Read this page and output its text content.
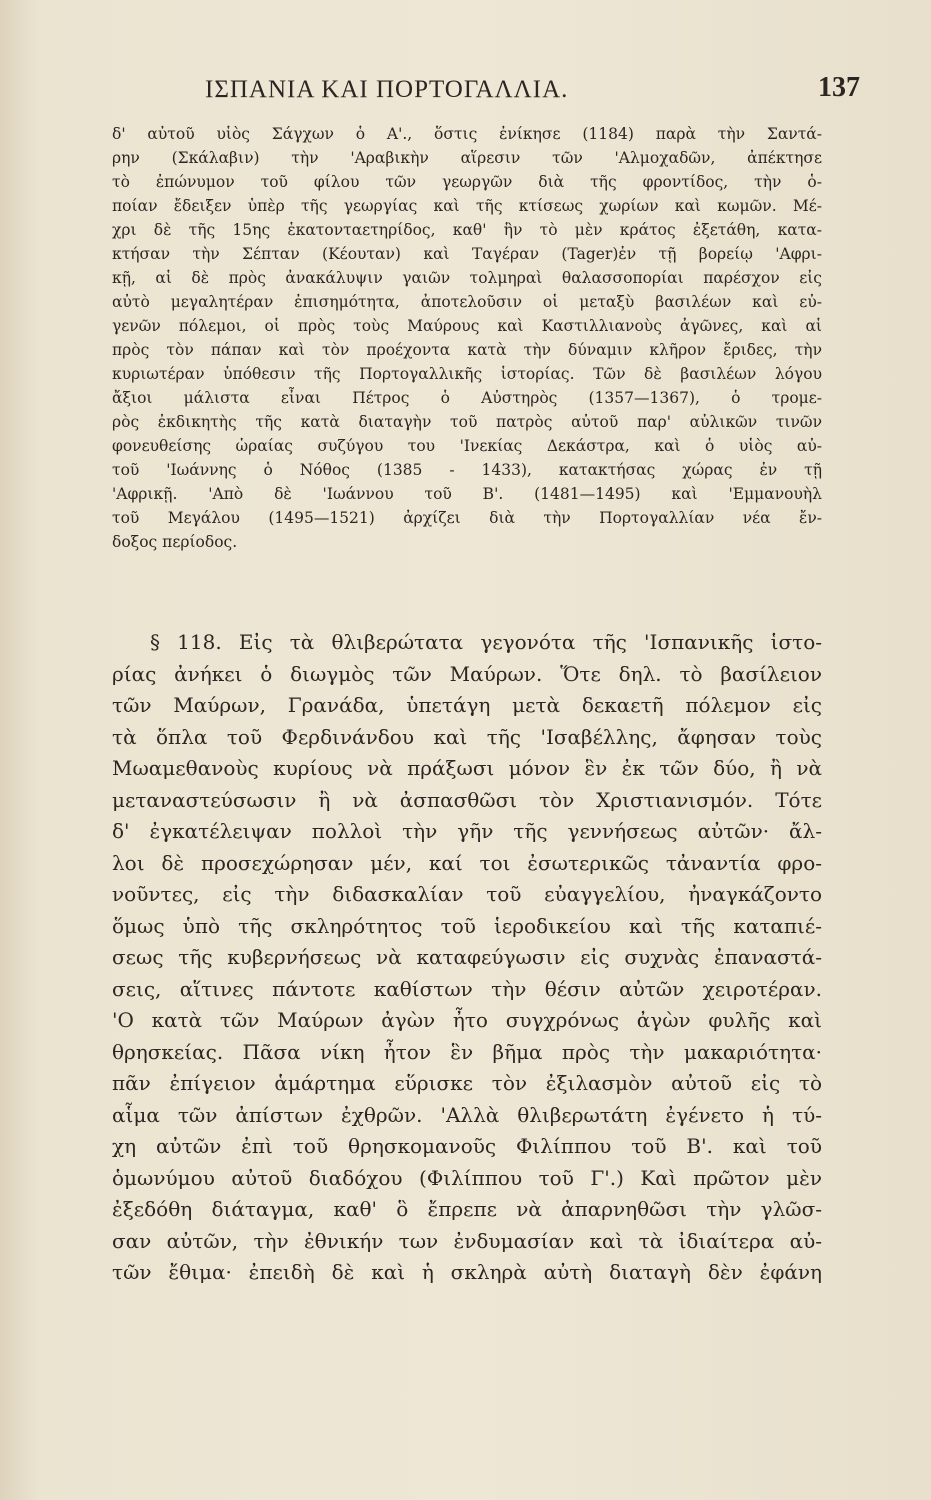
ΙΣΠΑΝΙΑ ΚΑΙ ΠΟΡΤΟΓΑΛΛΙΑ.	137
δ' αὐτοῦ υἱὸς Σάγχων ὁ Α'., ὅστις ἐνίκησε (1184) παρὰ τὴν Σαντά-
ρην (Σκάλαβιν) τὴν 'Αραβικὴν αἵρεσιν τῶν 'Αλμοχαδῶν, ἀπέκτησε
τὸ ἐπώνυμον τοῦ φίλου τῶν γεωργῶν διὰ τῆς φροντίδος, τὴν ὁ-
ποίαν ἔδειξεν ὑπὲρ τῆς γεωργίας καὶ τῆς κτίσεως χωρίων καὶ κωμῶν. Μέ-
χρι δὲ τῆς 15ης ἑκατονταετηρίδος, καθ' ἣν τὸ μὲν κράτος ἐξετάθη, κατα-
κτήσαν τὴν Σέπταν (Κέουταν) καὶ Ταγέραν (Tager)ἐν τῇ βορείῳ 'Αφρι-
κῇ, αἱ δὲ πρὸς ἀνακάλυψιν γαιῶν τολμηραὶ θαλασσοπορίαι παρέσχον εἰς
αὐτὸ μεγαλητέραν ἐπισημότητα, ἀποτελοῦσιν οἱ μεταξὺ βασιλέων καὶ εὐ-
γενῶν πόλεμοι, οἱ πρὸς τοὺς Μαύρους καὶ Καστιλλιανοὺς ἀγῶνες, καὶ αἱ
πρὸς τὸν πάπαν καὶ τὸν προέχοντα κατὰ τὴν δύναμιν κλῆρον ἔριδες, τὴν
κυριωτέραν ὑπόθεσιν τῆς Πορτογαλλικῆς ἱστορίας. Τῶν δὲ βασιλέων λόγου
ἄξιοι μάλιστα εἶναι Πέτρος ὁ Αὐστηρὸς (1357—1367), ὁ τρομε-
ρὸς ἐκδικητὴς τῆς κατὰ διαταγὴν τοῦ πατρὸς αὐτοῦ παρ' αὐλικῶν τινῶν
φονευθείσης ὡραίας συζύγου του 'Ινεκίας Δεκάστρα, καὶ ὁ υἱὸς αὐ-
τοῦ 'Ιωάννης ὁ Νόθος (1385 - 1433), κατακτήσας χώρας ἐν τῇ
'Αφρικῇ. 'Απὸ δὲ 'Ιωάννου τοῦ Β'. (1481—1495) καὶ 'Εμμανουὴλ
τοῦ Μεγάλου (1495—1521) ἀρχίζει διὰ τὴν Πορτογαλλίαν νέα ἔν-
δοξος περίοδος.
§ 118. Εἰς τὰ θλιβερώτατα γεγονότα τῆς 'Ισπανικῆς ἱστο-
ρίας ἀνήκει ὁ διωγμὸς τῶν Μαύρων. Ὅτε δηλ. τὸ βασίλειον
τῶν Μαύρων, Γρανάδα, ὑπετάγη μετὰ δεκαετῆ πόλεμον εἰς
τὰ ὅπλα τοῦ Φερδινάνδου καὶ τῆς 'Ισαβέλλης, ἄφησαν τοὺς
Μωαμεθανοὺς κυρίους νὰ πράξωσι μόνον ἓν ἐκ τῶν δύο, ἢ νὰ
μεταναστεύσωσιν ἢ νὰ ἀσπασθῶσι τὸν Χριστιανισμόν. Τότε
δ' ἐγκατέλειψαν πολλοὶ τὴν γῆν τῆς γεννήσεως αὐτῶν· ἄλ-
λοι δὲ προσεχώρησαν μέν, καί τοι ἐσωτερικῶς τἀναντία φρο-
νοῦντες, εἰς τὴν διδασκαλίαν τοῦ εὐαγγελίου, ἠναγκάζοντο
ὅμως ὑπὸ τῆς σκληρότητος τοῦ ἱεροδικείου καὶ τῆς καταπιέ-
σεως τῆς κυβερνήσεως νὰ καταφεύγωσιν εἰς συχνὰς ἐπαναστά-
σεις, αἵτινες πάντοτε καθίστων τὴν θέσιν αὐτῶν χειροτέραν.
'Ο κατὰ τῶν Μαύρων ἀγὼν ἦτο συγχρόνως ἀγὼν φυλῆς καὶ
θρησκείας. Πᾶσα νίκη ἦτον ἓν βῆμα πρὸς τὴν μακαριότητα·
πᾶν ἐπίγειον ἁμάρτημα εὕρισκε τὸν ἐξιλασμὸν αὐτοῦ εἰς τὸ
αἷμα τῶν ἀπίστων ἐχθρῶν. 'Αλλὰ θλιβερωτάτη ἐγένετο ἡ τύ-
χη αὐτῶν ἐπὶ τοῦ θρησκομανοῦς Φιλίππου τοῦ Β'. καὶ τοῦ
ὁμωνύμου αὐτοῦ διαδόχου (Φιλίππου τοῦ Γ'.) Καὶ πρῶτον μὲν
ἐξεδόθη διάταγμα, καθ' ὃ ἔπρεπε νὰ ἀπαρνηθῶσι τὴν γλῶσ-
σαν αὐτῶν, τὴν ἐθνικήν των ἐνδυμασίαν καὶ τὰ ἰδιαίτερα αὐ-
τῶν ἔθιμα· ἐπειδὴ δὲ καὶ ἡ σκληρὰ αὐτὴ διαταγὴ δὲν ἐφάνη
